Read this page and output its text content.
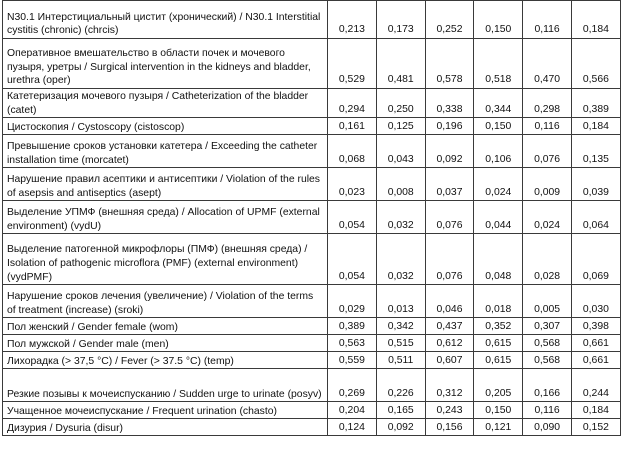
N30.1 Интерстициальный цистит (хронический) / N30.1 Interstitial cystitis (chronic) (chrcis)	0,213	0,173	0,252	0,150	0,116	0,184
Оперативное вмешательство в области почек и мочевого пузыря, уретры / Surgical intervention in the kidneys and bladder, urethra (oper)	0,529	0,481	0,578	0,518	0,470	0,566
Катетеризация мочевого пузыря / Catheterization of the bladder (catet)	0,294	0,250	0,338	0,344	0,298	0,389
Цистоскопия / Cystoscopy (cistoscop)	0,161	0,125	0,196	0,150	0,116	0,184
Превышение сроков установки катетера / Exceeding the catheter installation time (morcatet)	0,068	0,043	0,092	0,106	0,076	0,135
Нарушение правил асептики и антисептики / Violation of the rules of asepsis and antiseptics (asept)	0,023	0,008	0,037	0,024	0,009	0,039
Выделение УПМФ (внешняя среда) / Allocation of UPMF (external environment) (vydU)	0,054	0,032	0,076	0,044	0,024	0,064
Выделение патогенной микрофлоры (ПМФ) (внешняя среда) / Isolation of pathogenic microflora (PMF) (external environment) (vydPMF)	0,054	0,032	0,076	0,048	0,028	0,069
Нарушение сроков лечения (увеличение) / Violation of the terms of treatment (increase) (sroki)	0,029	0,013	0,046	0,018	0,005	0,030
Пол женский / Gender female (wom)	0,389	0,342	0,437	0,352	0,307	0,398
Пол мужской / Gender male (men)	0,563	0,515	0,612	0,615	0,568	0,661
Лихорадка (> 37,5 °C) / Fever (> 37.5 °C) (temp)	0,559	0,511	0,607	0,615	0,568	0,661
Резкие позывы к мочеиспусканию / Sudden urge to urinate (posyv)	0,269	0,226	0,312	0,205	0,166	0,244
Учащенное мочеиспускание / Frequent urination (chasto)	0,204	0,165	0,243	0,150	0,116	0,184
Дизурия / Dysuria (disur)	0,124	0,092	0,156	0,121	0,090	0,152
